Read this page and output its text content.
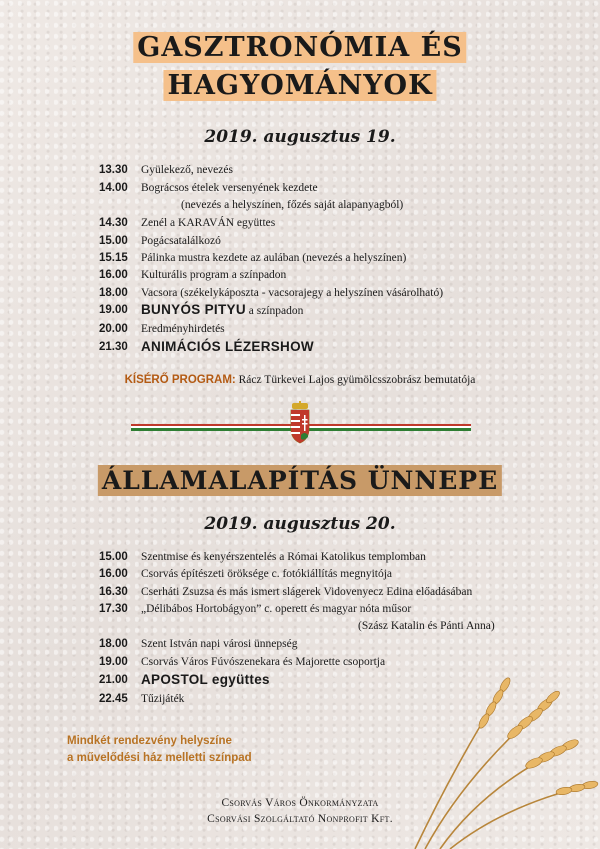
GASZTRONÓMIA ÉS
HAGYOMÁNYOK
2019. augusztus 19.
13.30 Gyülekező, nevezés
14.00 Bográcsos ételek versenyének kezdete
(nevezés a helyszínen, főzés saját alapanyagból)
14.30 Zenél a KARAVÁN együttes
15.00 Pogácsatalálkozó
15.15 Pálinka mustra kezdete az aulában (nevezés a helyszínen)
16.00 Kulturális program a színpadon
18.00 Vacsora (székelykáposzta - vacsorajegy a helyszínen vásárolható)
19.00 BUNYÓS PITYU a színpadon
20.00 Eredményhirdetés
21.30 ANIMÁCIÓS LÉZERSHOW
KÍSÉRŐ PROGRAM: Rácz Türkevei Lajos gyümölcsszobrász bemutatója
ÁLLAMALAPÍTÁS ÜNNEPE
2019. augusztus 20.
15.00 Szentmise és kenyérszentelés a Római Katolikus templomban
16.00 Csorvás építészeti öröksége c. fotókiállítás megnyitója
16.30 Cserháti Zsuzsa és más ismert slágerek Vidovenyecz Edina előadásában
17.30 „Délibábos Hortobágyon” c. operett és magyar nóta műsor
(Szász Katalin és Pánti Anna)
18.00 Szent István napi városi ünnepség
19.00 Csorvás Város Fúvószenekara és Majorette csoportja
21.00 APOSTOL együttes
22.45 Tűzijáték
Mindkét rendezvény helyszíne
a művelődési ház melletti színpad
Csorvás Város Önkormányzata
Csorvási Szolgáltató Nonprofit Kft.
